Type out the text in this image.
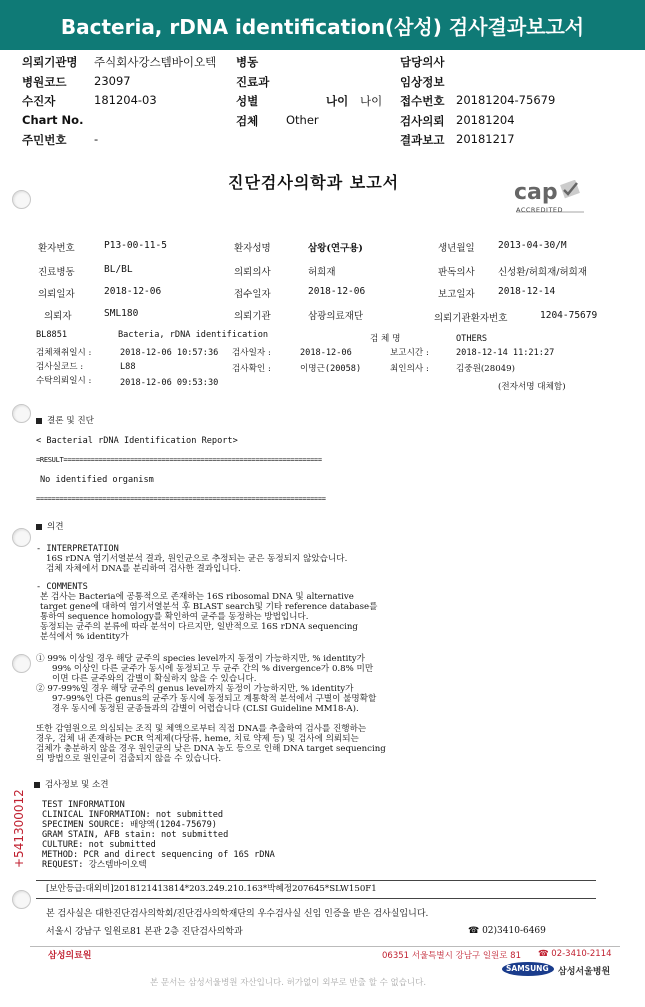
Bacteria, rDNA identification(삼성) 검사결과보고서
의뢰기관명 주식회사강스템바이오텍 병동	담당의사
병원코드 23097	진료과	임상정보
수진자	181204-03	성별	나이 나이 접수번호 20181204-75679
Chart No.	검체 Other	검사의뢰 20181204
주민번호 -	결과보고 20181217
진단검사의학과 보고서	cap
ACCREDITED
환자번호	P13-00-11-5	환자성명	삼왕(연구용)	생년월일 2013-04-30/M
진료병동	BL/BL	의뢰의사	허희재	판독의사 신성환/허희재/허희재
의뢰일자	2018-12-06	접수일자	2018-12-06	보고일자 2018-12-14
의뢰자	SML180	의뢰기관	삼광의료재단	의뢰기관환자번호	1204-75679
BL8851	Bacteria, rDNA identification	검 체 명	OTHERS
검체채취일시 :	2018-12-06 10:57:36 검사일자 :	2018-12-06	보고시간 :	2018-12-14 11:21:27
검사실코드 :	L88	검사확인 :	이명근(20058)	최인의사 :	김중원(28049)
수탁의뢰일시 :	2018-12-06 09:53:30	(전자서명 대체함)
결론 및 진단
< Bacterial rDNA Identification Report>
=RESULT==================================================================
No identified organism
==========================================================================
의견
- INTERPRETATION
16S rDNA 염기서열분석 결과, 원인균으로 추정되는 균은 동정되지 않았습니다.
검체 자체에서 DNA를 분리하여 검사한 결과입니다.
- COMMENTS
본 검사는 Bacteria에 공통적으로 존재하는 16S ribosomal DNA 및 alternative
target gene에 대하여 염기서열분석 후 BLAST search및 기타 reference database를
통하여 sequence homology를 확인하여 균주를 동정하는 방법입니다.
동정되는 균주의 분류에 따라 분석이 다르지만, 일반적으로 16S rDNA sequencing
분석에서 % identity가
① 99% 이상일 경우 해당 균주의 species level까지 동정이 가능하지만, % identity가
99% 이상인 다른 균주가 동시에 동정되고 두 균주 간의 % divergence가 0.8% 미만
이면 다른 균주와의 감별이 확실하지 않을 수 있습니다.
② 97-99%일 경우 해당 균주의 genus level까지 동정이 가능하지만, % identity가
97-99%인 다른 genus의 균주가 동시에 동정되고 계통학적 분석에서 구별이 불명확할
경우 동시에 동정된 균종들과의 감별이 어렵습니다 (CLSI Guideline MM18-A).
또한 감염원으로 의심되는 조직 및 체액으로부터 직접 DNA를 추출하여 검사를 진행하는
경우, 검체 내 존재하는 PCR 억제제(다당류, heme, 치료 약제 등) 및 검사에 의뢰되는
검체가 충분하지 않을 경우 원인균의 낮은 DNA 농도 등으로 인해 DNA target sequencing
의 방법으로 원인균이 검출되지 않을 수 있습니다.
검사정보 및 소견
TEST INFORMATION
CLINICAL INFORMATION: not submitted
SPECIMEN SOURCE: 배양액(1204-75679)
GRAM STAIN, AFB stain: not submitted
CULTURE: not submitted
METHOD: PCR and direct sequencing of 16S rDNA
REQUEST: 강스템바이오텍
+541300012
[보안등급:대외비]2018121413814*203.249.210.163*박혜정207645*SLW150F1
본 검사실은 대한진단검사의학회/진단검사의학재단의 우수검사실 신임 인증을 받은 검사실입니다.
서울시 강남구 일원로81 본관 2층 진단검사의학과	☎ 02)3410-6469
삼성의료원	06351 서울특별시 강남구 일원로 81 ☎ 02-3410-2114
SAMSUNG 삼성서울병원
본 문서는 삼성서울병원 자산입니다. 허가없이 외부로 반출 할 수 없습니다.
